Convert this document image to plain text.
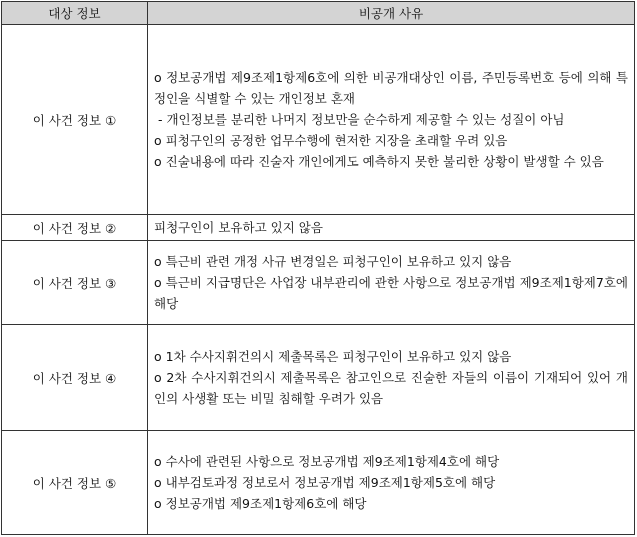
대상 정보	비공개 사유
이 사건 정보 ①	o 정보공개법 제9조제1항제6호에 의한 비공개대상인 이름, 주민등록번호 등에 의해 특정인을 식별할 수 있는 개인정보 혼재
- 개인정보를 분리한 나머지 정보만을 순수하게 제공할 수 있는 성질이 아님
o 피청구인의 공정한 업무수행에 현저한 지장을 초래할 우려 있음
o 진술내용에 따라 진술자 개인에게도 예측하지 못한 불리한 상황이 발생할 수 있음

이 사건 정보 ②	피청구인이 보유하고 있지 않음

이 사건 정보 ③	o 특근비 관련 개정 사규 변경일은 피청구인이 보유하고 있지 않음
o 특근비 지급명단은 사업장 내부관리에 관한 사항으로 정보공개법 제9조제1항제7호에 해당

이 사건 정보 ④	o 1차 수사지휘건의시 제출목록은 피청구인이 보유하고 있지 않음
o 2차 수사지휘건의시 제출목록은 참고인으로 진술한 자들의 이름이 기재되어 있어 개인의 사생활 또는 비밀 침해할 우려가 있음

이 사건 정보 ⑤	o 수사에 관련된 사항으로 정보공개법 제9조제1항제4호에 해당
o 내부검토과정 정보로서 정보공개법 제9조제1항제5호에 해당
o 정보공개법 제9조제1항제6호에 해당
